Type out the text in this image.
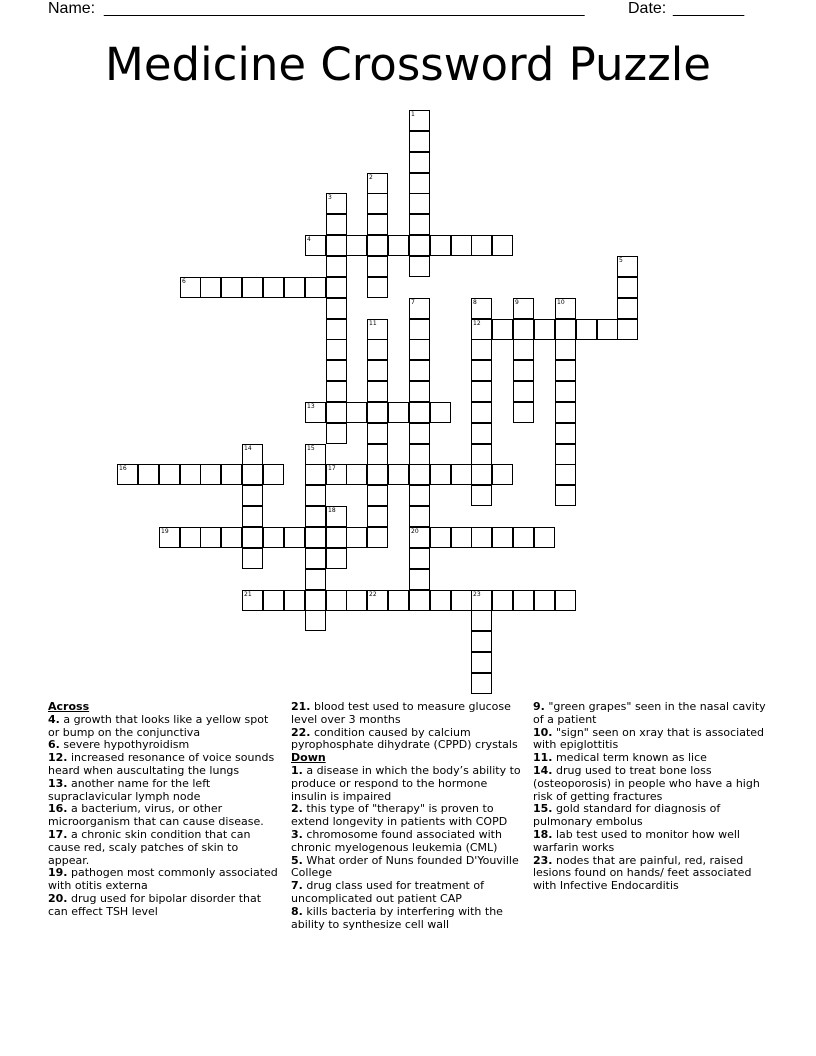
Name: ______________________________________________________	Date: ________
Medicine Crossword Puzzle
1
2
3
4
5
6
7
20
8
12
9	10
11
13
14	15
16	17
18
19
21	22	23
Across
4. a growth that looks like a yellow spot or bump on the conjunctiva
6. severe hypothyroidism
12. increased resonance of voice sounds heard when auscultating the lungs
13. another name for the left supraclavicular lymph node
16. a bacterium, virus, or other microorganism that can cause disease.
17. a chronic skin condition that can cause red, scaly patches of skin to appear.
19. pathogen most commonly associated with otitis externa
20. drug used for bipolar disorder that can effect TSH level
21. blood test used to measure glucose level over 3 months
22. condition caused by calcium pyrophosphate dihydrate (CPPD) crystals
Down
1. a disease in which the body’s ability to produce or respond to the hormone insulin is impaired
2. this type of "therapy" is proven to extend longevity in patients with COPD
3. chromosome found associated with chronic myelogenous leukemia (CML)
5. What order of Nuns founded D'Youville College
7. drug class used for treatment of uncomplicated out patient CAP
8. kills bacteria by interfering with the ability to synthesize cell wall
9. "green grapes" seen in the nasal cavity of a patient
10. "sign" seen on xray that is associated with epiglottitis
11. medical term known as lice
14. drug used to treat bone loss (osteoporosis) in people who have a high risk of getting fractures
15. gold standard for diagnosis of pulmonary embolus
18. lab test used to monitor how well warfarin works
23. nodes that are painful, red, raised lesions found on hands/ feet associated with Infective Endocarditis
